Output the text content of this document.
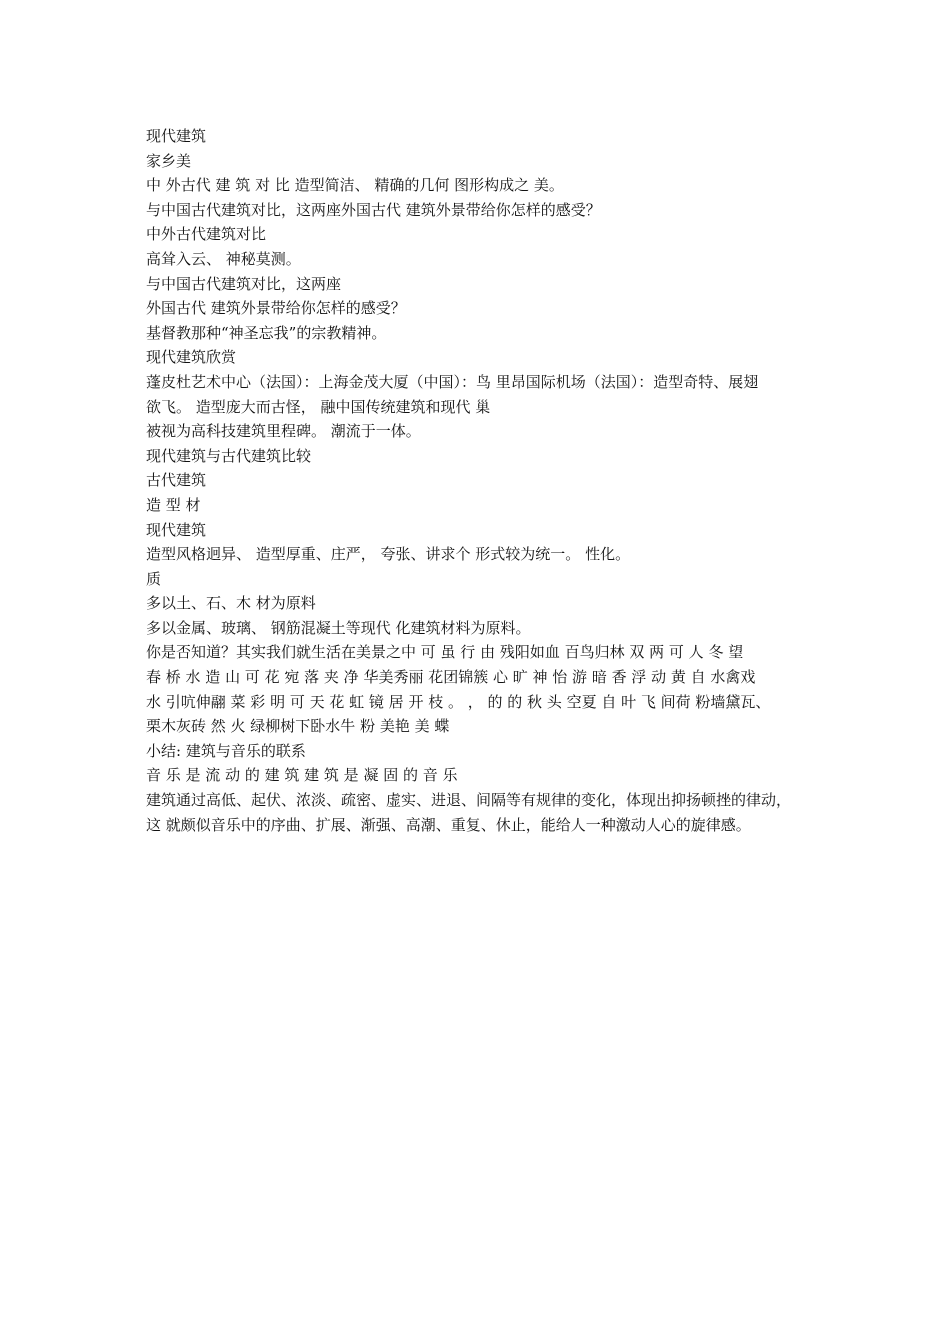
现代建筑
家乡美
中 外古代 建 筑 对 比 造型简洁、 精确的几何 图形构成之 美。
与中国古代建筑对比，这两座外国古代 建筑外景带给你怎样的感受？
中外古代建筑对比
高耸入云、 神秘莫测。
与中国古代建筑对比，这两座
外国古代 建筑外景带给你怎样的感受？
基督教那种“神圣忘我”的宗教精神。
现代建筑欣赏
蓬皮杜艺术中心（法国）：上海金茂大厦（中国）：鸟 里昂国际机场（法国）：造型奇特、展翅
欲飞。 造型庞大而古怪， 融中国传统建筑和现代 巢
被视为高科技建筑里程碑。 潮流于一体。
现代建筑与古代建筑比较
古代建筑
造 型 材
现代建筑
造型风格迥异、 造型厚重、庄严， 夸张、讲求个 形式较为统一。 性化。
质
多以土、石、木 材为原料
多以金属、玻璃、 钢筋混凝土等现代 化建筑材料为原料。
你是否知道？其实我们就生活在美景之中 可 虽 行 由 残阳如血 百鸟归林 双 两 可 人 冬 望
春 桥 水 造 山 可 花 宛 落 夹 净 华美秀丽 花团锦簇 心 旷 神 怡 游 暗 香 浮 动 黄 自 水禽戏
水 引吭伸翮 菜 彩 明 可 天 花 虹 镜 居 开 枝 。 ， 的 的 秋 头 空夏 自 叶 飞 间荷 粉墙黛瓦、
栗木灰砖 然 火 绿柳树下卧水牛 粉 美艳 美 蝶
小结: 建筑与音乐的联系
音 乐 是 流 动 的 建 筑 建 筑 是 凝 固 的 音 乐
建筑通过高低、起伏、浓淡、疏密、虚实、进退、间隔等有规律的变化，体现出抑扬顿挫的律动，
这 就颇似音乐中的序曲、扩展、渐强、高潮、重复、休止，能给人一种激动人心的旋律感。
